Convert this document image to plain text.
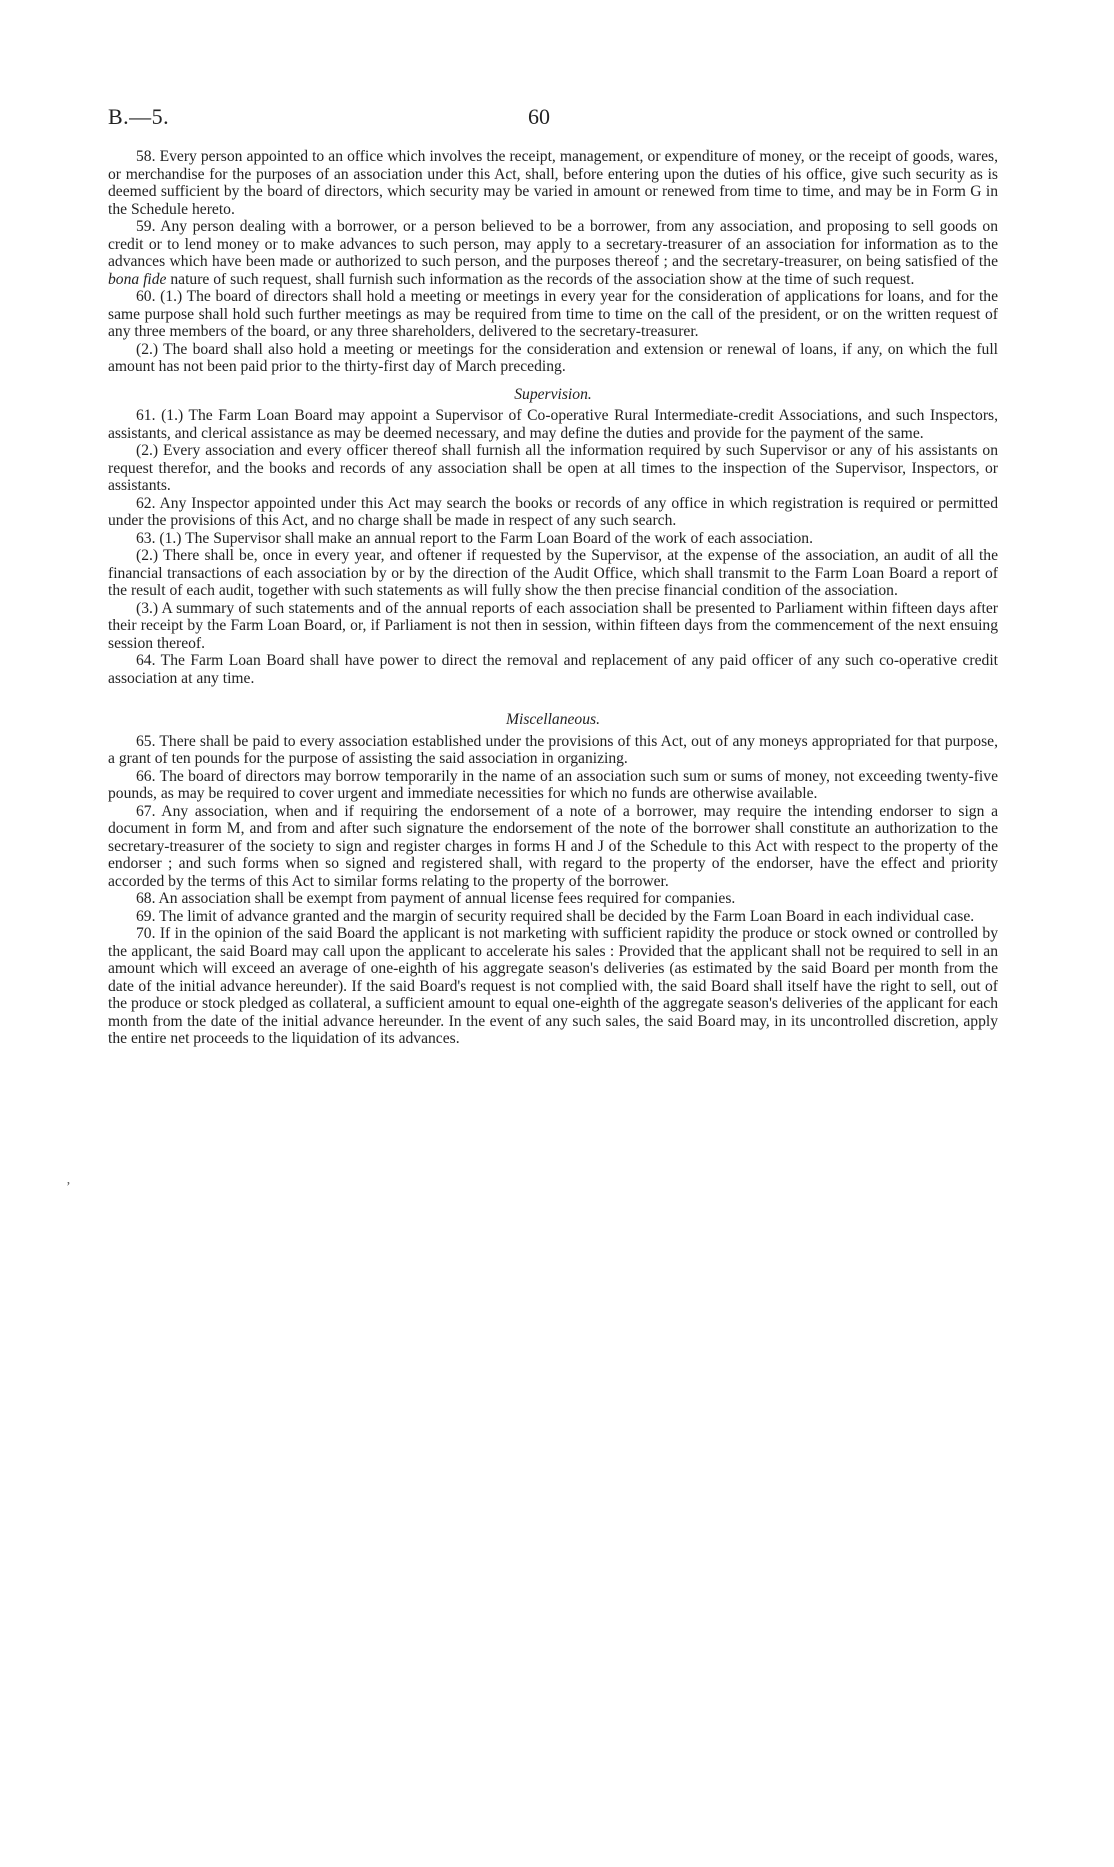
B.—5.	60
’

58. Every person appointed to an office which involves the receipt, management, or expenditure of money, or the receipt of goods, wares, or merchandise for the purposes of an association under this Act, shall, before entering upon the duties of his office, give such security as is deemed sufficient by the board of directors, which security may be varied in amount or renewed from time to time, and may be in Form G in the Schedule hereto.

59. Any person dealing with a borrower, or a person believed to be a borrower, from any association, and proposing to sell goods on credit or to lend money or to make advances to such person, may apply to a secretary-treasurer of an association for information as to the advances which have been made or authorized to such person, and the purposes thereof ; and the secretary-treasurer, on being satisfied of the bona fide nature of such request, shall furnish such information as the records of the association show at the time of such request.

60. (1.) The board of directors shall hold a meeting or meetings in every year for the consideration of applications for loans, and for the same purpose shall hold such further meetings as may be required from time to time on the call of the president, or on the written request of any three members of the board, or any three shareholders, delivered to the secretary-treasurer.

(2.) The board shall also hold a meeting or meetings for the consideration and extension or renewal of loans, if any, on which the full amount has not been paid prior to the thirty-first day of March preceding.

Supervision.

61. (1.) The Farm Loan Board may appoint a Supervisor of Co-operative Rural Intermediate-credit Associations, and such Inspectors, assistants, and clerical assistance as may be deemed necessary, and may define the duties and provide for the payment of the same.

(2.) Every association and every officer thereof shall furnish all the information required by such Supervisor or any of his assistants on request therefor, and the books and records of any association shall be open at all times to the inspection of the Supervisor, Inspectors, or assistants.

62. Any Inspector appointed under this Act may search the books or records of any office in which registration is required or permitted under the provisions of this Act, and no charge shall be made in respect of any such search.

63. (1.) The Supervisor shall make an annual report to the Farm Loan Board of the work of each association.

(2.) There shall be, once in every year, and oftener if requested by the Supervisor, at the expense of the association, an audit of all the financial transactions of each association by or by the direction of the Audit Office, which shall transmit to the Farm Loan Board a report of the result of each audit, together with such statements as will fully show the then precise financial condition of the association.

(3.) A summary of such statements and of the annual reports of each association shall be presented to Parliament within fifteen days after their receipt by the Farm Loan Board, or, if Parliament is not then in session, within fifteen days from the commencement of the next ensuing session thereof.

64. The Farm Loan Board shall have power to direct the removal and replacement of any paid officer of any such co-operative credit association at any time.

Miscellaneous.

65. There shall be paid to every association established under the provisions of this Act, out of any moneys appropriated for that purpose, a grant of ten pounds for the purpose of assisting the said association in organizing.

66. The board of directors may borrow temporarily in the name of an association such sum or sums of money, not exceeding twenty-five pounds, as may be required to cover urgent and immediate necessities for which no funds are otherwise available.

67. Any association, when and if requiring the endorsement of a note of a borrower, may require the intending endorser to sign a document in form M, and from and after such signature the endorsement of the note of the borrower shall constitute an authorization to the secretary-treasurer of the society to sign and register charges in forms H and J of the Schedule to this Act with respect to the property of the endorser ; and such forms when so signed and registered shall, with regard to the property of the endorser, have the effect and priority accorded by the terms of this Act to similar forms relating to the property of the borrower.

68. An association shall be exempt from payment of annual license fees required for companies.

69. The limit of advance granted and the margin of security required shall be decided by the Farm Loan Board in each individual case.

70. If in the opinion of the said Board the applicant is not marketing with sufficient rapidity the produce or stock owned or controlled by the applicant, the said Board may call upon the applicant to accelerate his sales : Provided that the applicant shall not be required to sell in an amount which will exceed an average of one-eighth of his aggregate season's deliveries (as estimated by the said Board per month from the date of the initial advance hereunder). If the said Board's request is not complied with, the said Board shall itself have the right to sell, out of the produce or stock pledged as collateral, a sufficient amount to equal one-eighth of the aggregate season's deliveries of the applicant for each month from the date of the initial advance hereunder. In the event of any such sales, the said Board may, in its uncontrolled discretion, apply the entire net proceeds to the liquidation of its advances.
